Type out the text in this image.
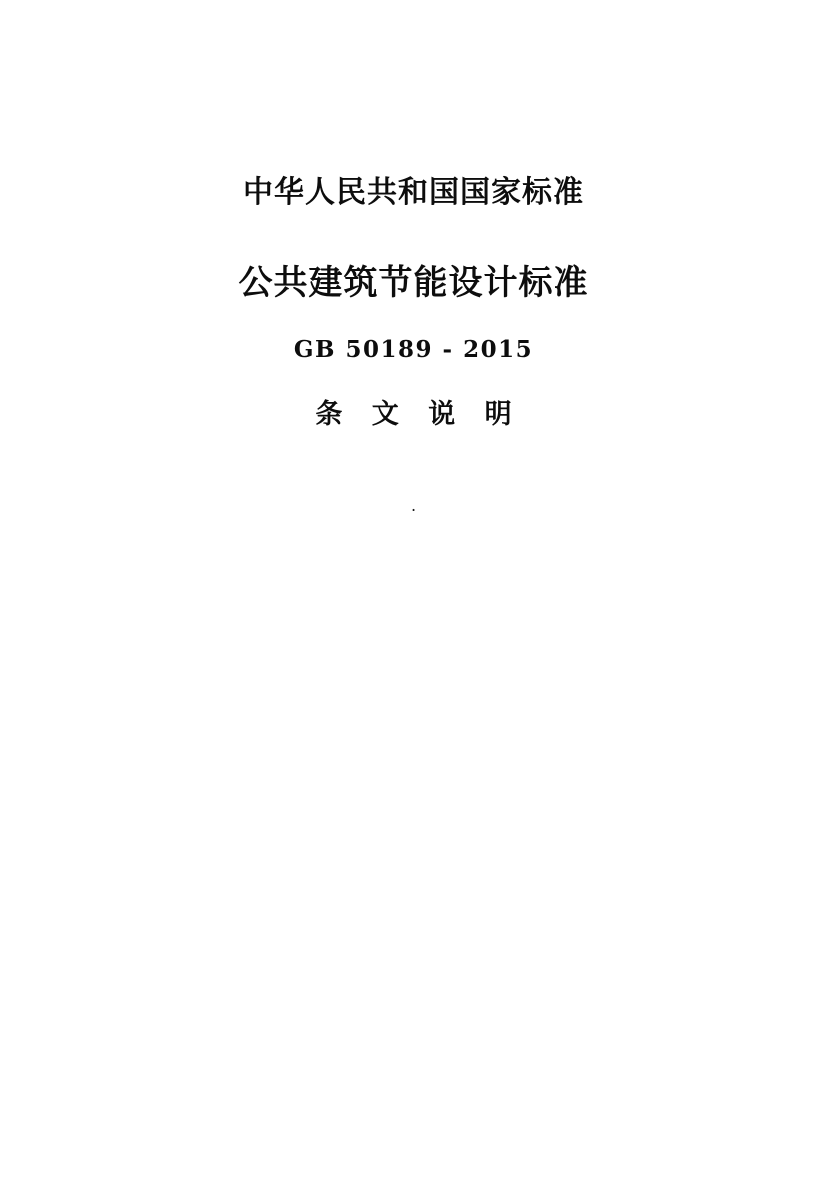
中华人民共和国国家标准
公共建筑节能设计标准
GB 50189 - 2015
条 文 说 明
.
